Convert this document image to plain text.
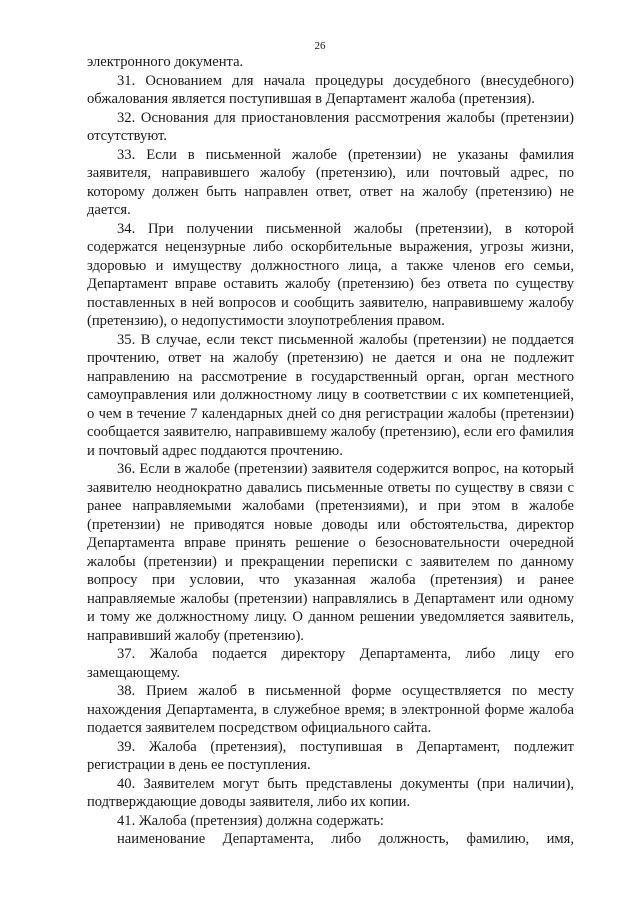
26

электронного документа.

31. Основанием для начала процедуры досудебного (внесудебного) обжалования является поступившая в Департамент жалоба (претензия).

32. Основания для приостановления рассмотрения жалобы (претензии) отсутствуют.

33. Если в письменной жалобе (претензии) не указаны фамилия заявителя, направившего жалобу (претензию), или почтовый адрес, по которому должен быть направлен ответ, ответ на жалобу (претензию) не дается.

34. При получении письменной жалобы (претензии), в которой содержатся нецензурные либо оскорбительные выражения, угрозы жизни, здоровью и имуществу должностного лица, а также членов его семьи, Департамент вправе оставить жалобу (претензию) без ответа по существу поставленных в ней вопросов и сообщить заявителю, направившему жалобу (претензию), о недопустимости злоупотребления правом.

35. В случае, если текст письменной жалобы (претензии) не поддается прочтению, ответ на жалобу (претензию) не дается и она не подлежит направлению на рассмотрение в государственный орган, орган местного самоуправления или должностному лицу в соответствии с их компетенцией, о чем в течение 7 календарных дней со дня регистрации жалобы (претензии) сообщается заявителю, направившему жалобу (претензию), если его фамилия и почтовый адрес поддаются прочтению.

36. Если в жалобе (претензии) заявителя содержится вопрос, на который заявителю неоднократно давались письменные ответы по существу в связи с ранее направляемыми жалобами (претензиями), и при этом в жалобе (претензии) не приводятся новые доводы или обстоятельства, директор Департамента вправе принять решение о безосновательности очередной жалобы (претензии) и прекращении переписки с заявителем по данному вопросу при условии, что указанная жалоба (претензия) и ранее направляемые жалобы (претензии) направлялись в Департамент или одному и тому же должностному лицу. О данном решении уведомляется заявитель, направивший жалобу (претензию).

37. Жалоба подается директору Департамента, либо лицу его замещающему.

38. Прием жалоб в письменной форме осуществляется по месту нахождения Департамента, в служебное время; в электронной форме жалоба подается заявителем посредством официального сайта.

39. Жалоба (претензия), поступившая в Департамент, подлежит регистрации в день ее поступления.

40. Заявителем могут быть представлены документы (при наличии), подтверждающие доводы заявителя, либо их копии.

41. Жалоба (претензия) должна содержать:

наименование Департамента, либо должность, фамилию, имя,
